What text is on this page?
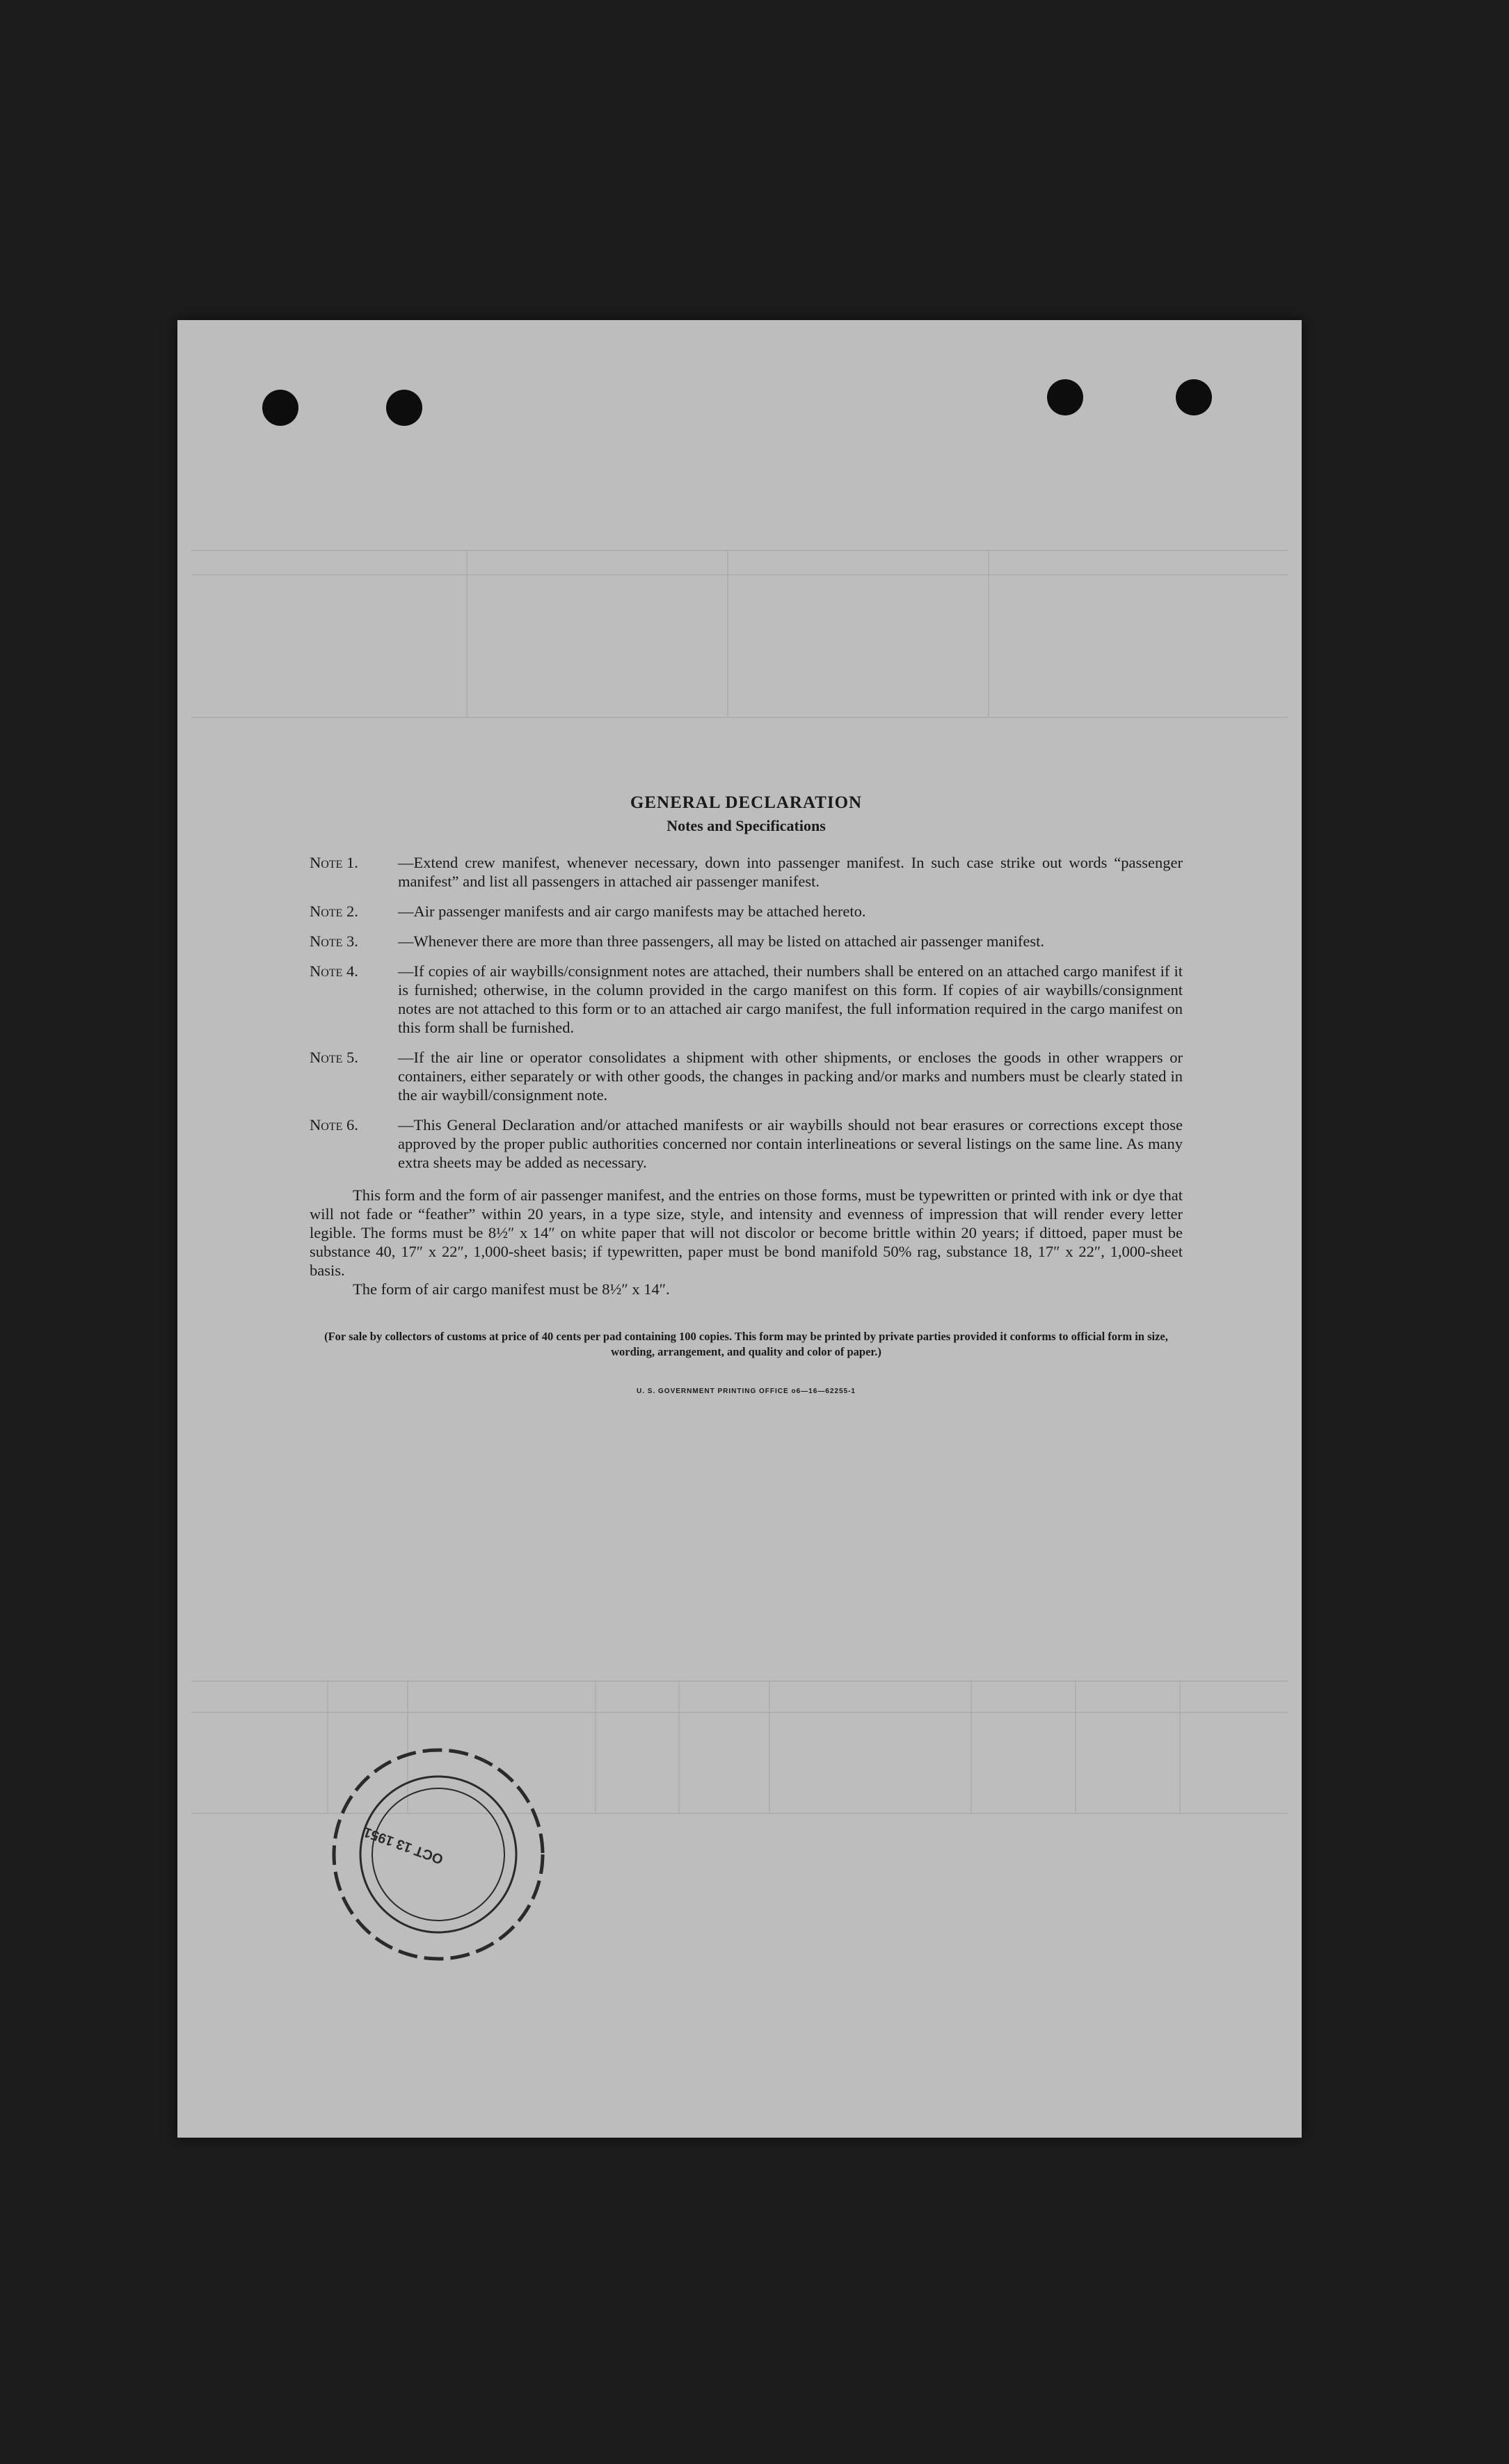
GENERAL DECLARATION
Notes and Specifications
Note 1.	—Extend crew manifest, whenever necessary, down into passenger manifest. In such case strike out words “passenger manifest” and list all passengers in attached air passenger manifest.
Note 2.	—Air passenger manifests and air cargo manifests may be attached hereto.
Note 3.	—Whenever there are more than three passengers, all may be listed on attached air passenger manifest.
Note 4.	—If copies of air waybills/consignment notes are attached, their numbers shall be entered on an attached cargo manifest if it is furnished; otherwise, in the column provided in the cargo manifest on this form. If copies of air waybills/consignment notes are not attached to this form or to an attached air cargo manifest, the full information required in the cargo manifest on this form shall be furnished.
Note 5.	—If the air line or operator consolidates a shipment with other shipments, or encloses the goods in other wrappers or containers, either separately or with other goods, the changes in packing and/or marks and numbers must be clearly stated in the air waybill/consignment note.
Note 6.	—This General Declaration and/or attached manifests or air waybills should not bear erasures or corrections except those approved by the proper public authorities concerned nor contain interlineations or several listings on the same line. As many extra sheets may be added as necessary.
This form and the form of air passenger manifest, and the entries on those forms, must be typewritten or printed with ink or dye that will not fade or “feather” within 20 years, in a type size, style, and intensity and evenness of impression that will render every letter legible. The forms must be 8½″ x 14″ on white paper that will not discolor or become brittle within 20 years; if dittoed, paper must be substance 40, 17″ x 22″, 1,000-sheet basis; if typewritten, paper must be bond manifold 50% rag, substance 18, 17″ x 22″, 1,000-sheet basis.
The form of air cargo manifest must be 8½″ x 14″.
(For sale by collectors of customs at price of 40 cents per pad containing 100 copies. This form may be printed by private parties provided it conforms to official form in size, wording, arrangement, and quality and color of paper.)
U. S. GOVERNMENT PRINTING OFFICE o6—16—62255-1
OCT 13 1951
